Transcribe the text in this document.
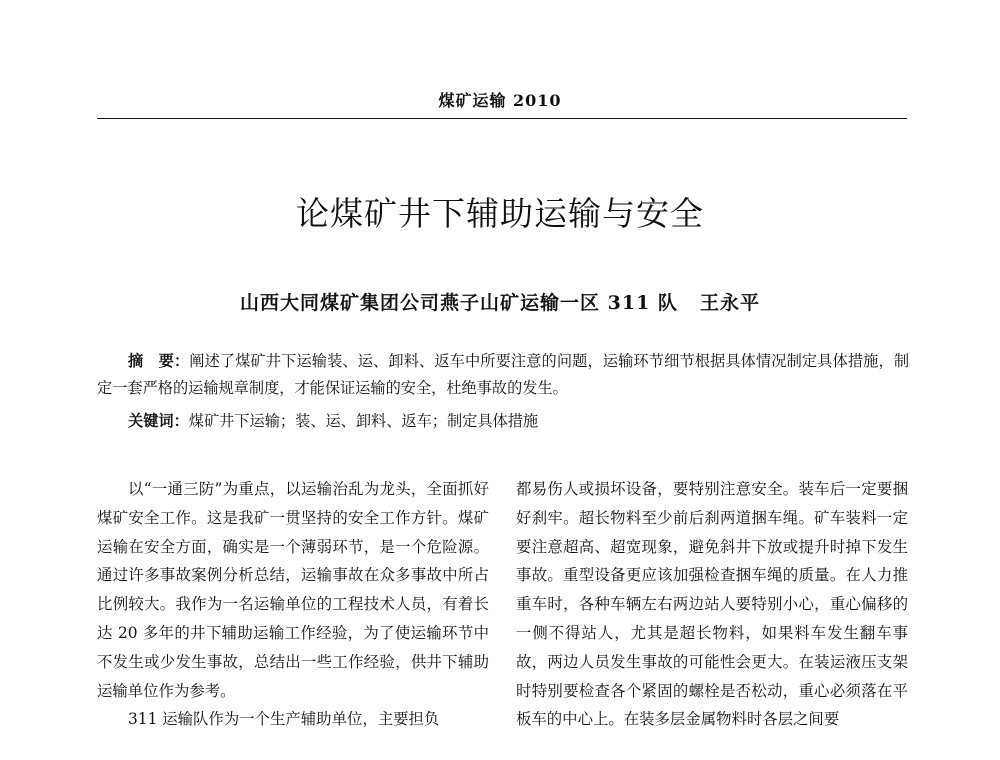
煤矿运输 2010
论煤矿井下辅助运输与安全
山西大同煤矿集团公司燕子山矿运输一区 311 队 王永平

摘　要：阐述了煤矿井下运输装、运、卸料、返车中所要注意的问题，运输环节细节根据具体情况制定具体措施，制定一套严格的运输规章制度，才能保证运输的安全，杜绝事故的发生。

关键词：煤矿井下运输；装、运、卸料、返车；制定具体措施

以“一通三防”为重点，以运输治乱为龙头，全面抓好煤矿安全工作。这是我矿一贯坚持的安全工作方针。煤矿运输在安全方面，确实是一个薄弱环节，是一个危险源。通过许多事故案例分析总结，运输事故在众多事故中所占比例较大。我作为一名运输单位的工程技术人员，有着长达 20 多年的井下辅助运输工作经验，为了使运输环节中不发生或少发生事故，总结出一些工作经验，供井下辅助运输单位作为参考。

311 运输队作为一个生产辅助单位，主要担负

都易伤人或损坏设备，要特别注意安全。装车后一定要捆好刹牢。超长物料至少前后刹两道捆车绳。矿车装料一定要注意超高、超宽现象，避免斜井下放或提升时掉下发生事故。重型设备更应该加强检查捆车绳的质量。在人力推重车时，各种车辆左右两边站人要特别小心，重心偏移的一侧不得站人，尤其是超长物料，如果料车发生翻车事故，两边人员发生事故的可能性会更大。在装运液压支架时特别要检查各个紧固的螺栓是否松动，重心必须落在平板车的中心上。在装多层金属物料时各层之间要
